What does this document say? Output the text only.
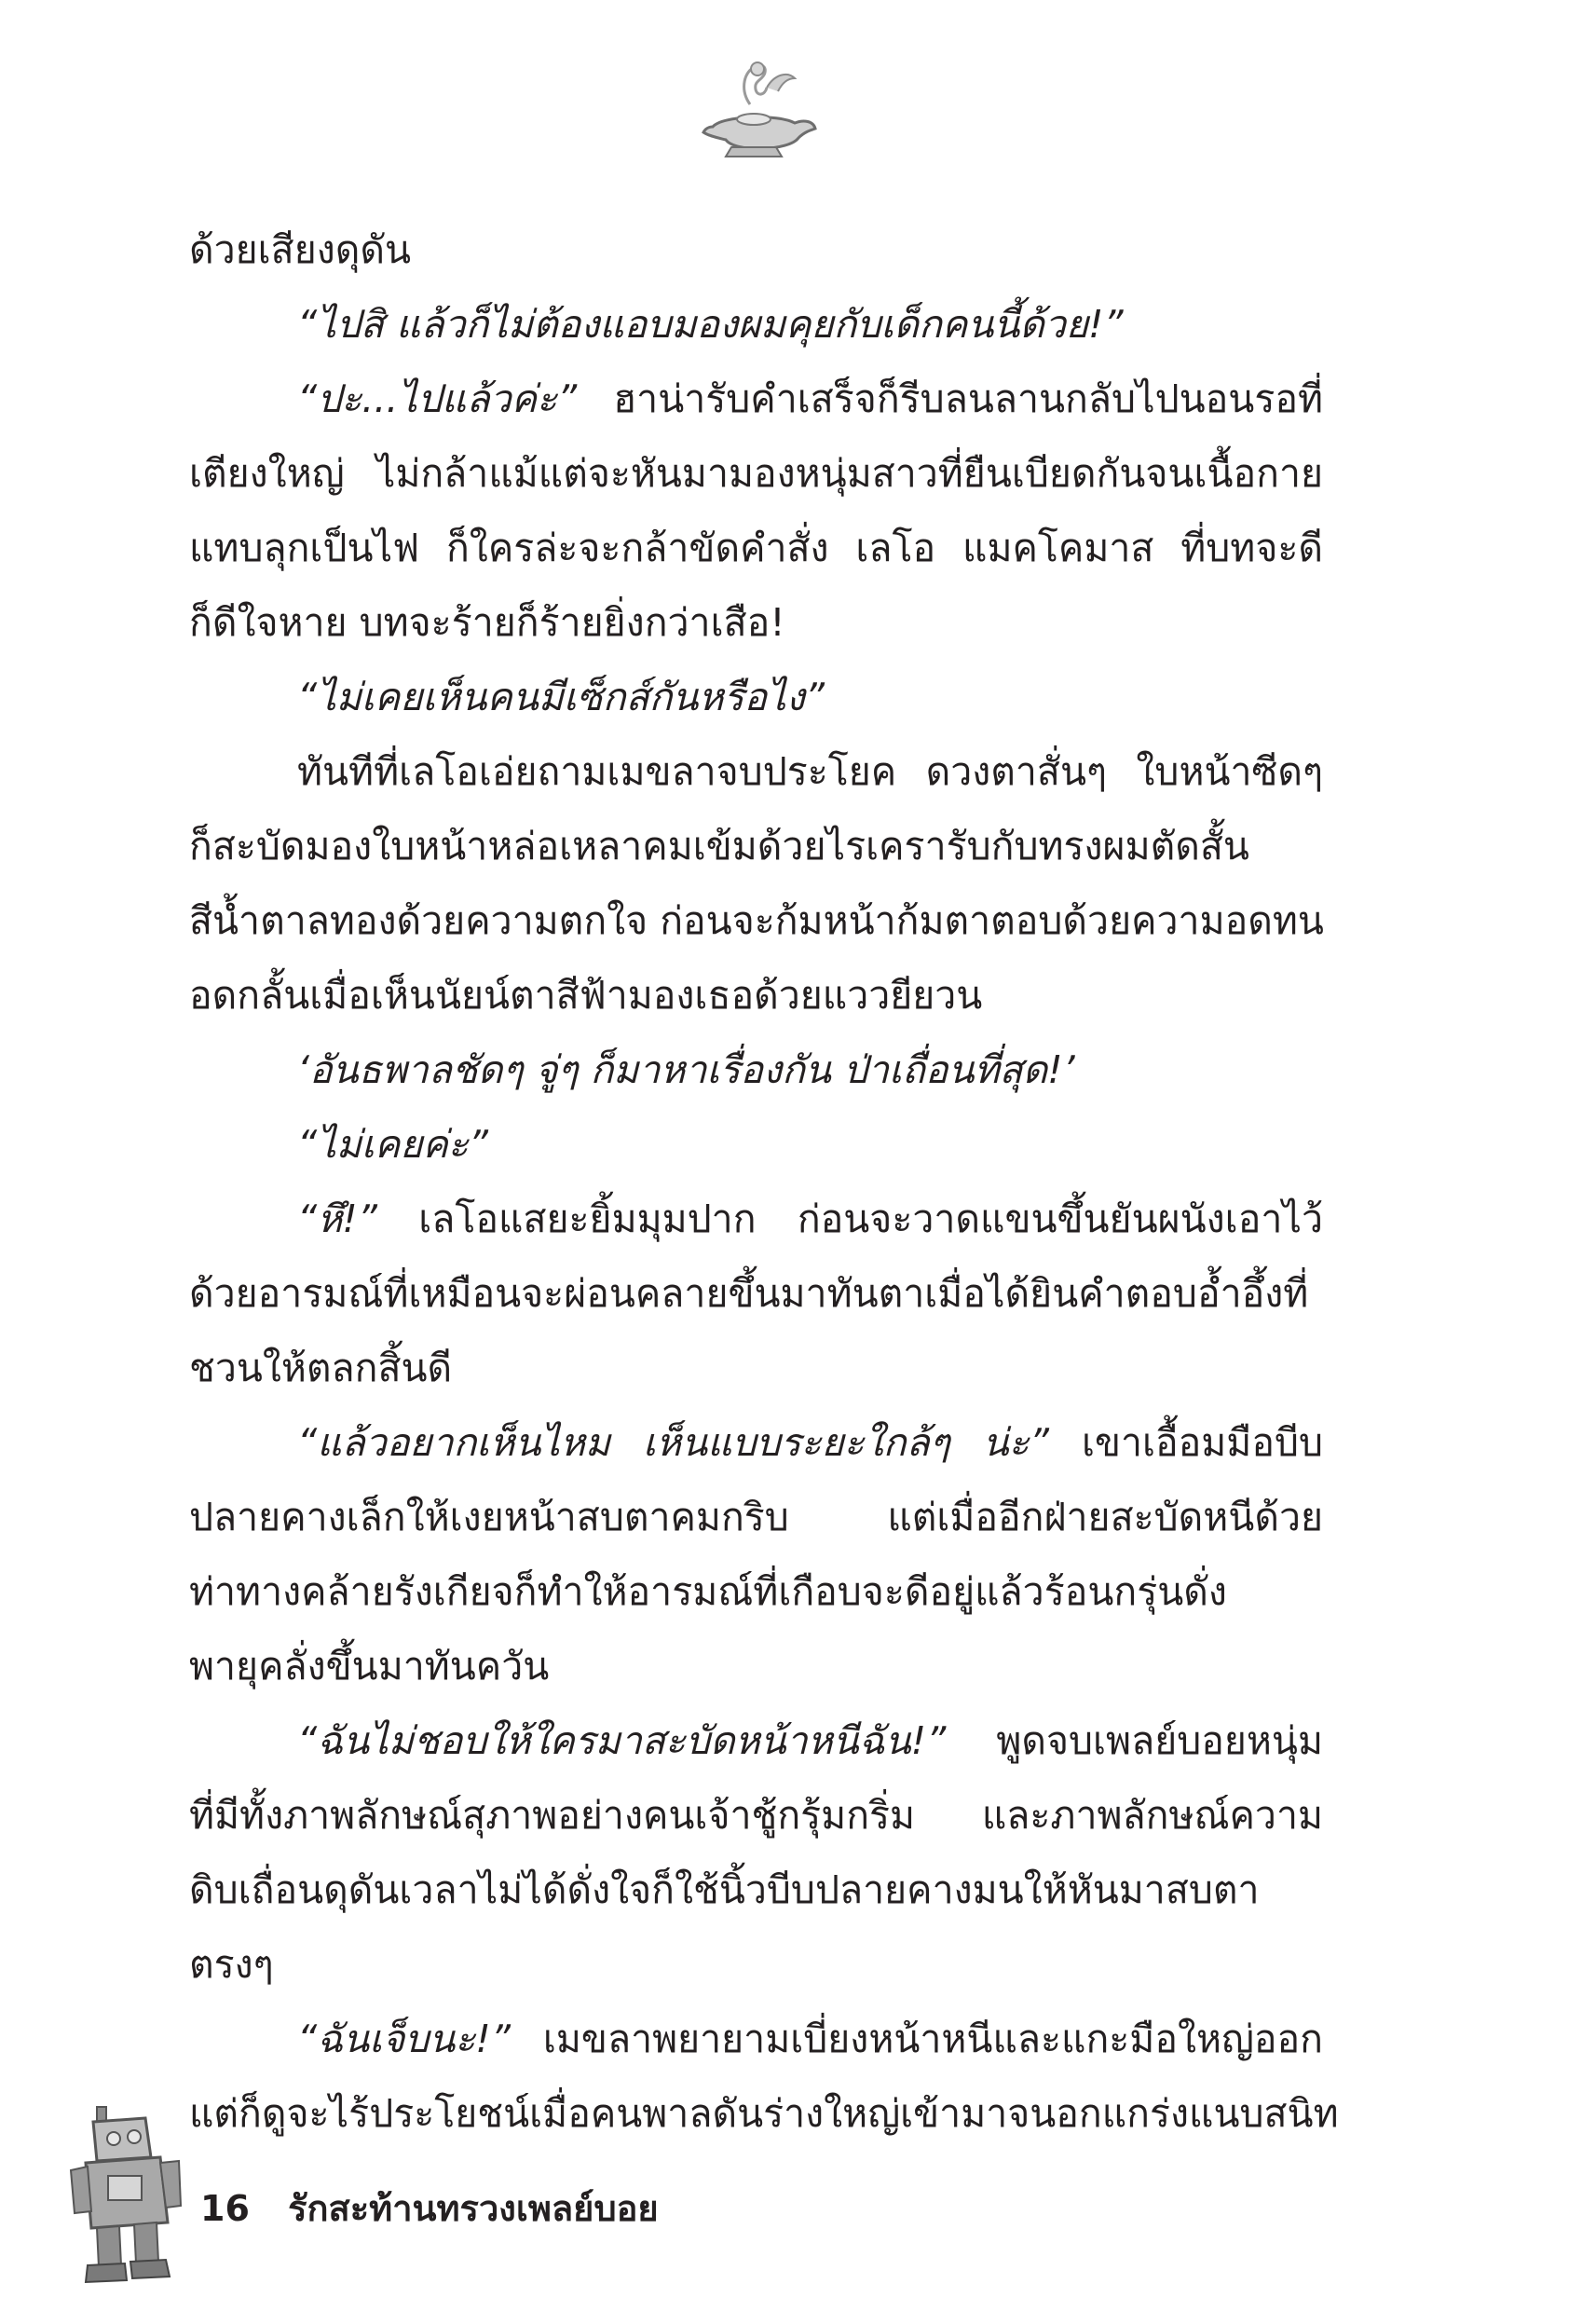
ด้วยเสียงดุดัน
“ไปสิ แล้วก็ไม่ต้องแอบมองผมคุยกับเด็กคนนี้ด้วย!”
“ปะ...ไปแล้วค่ะ” ฮาน่ารับคำเสร็จก็รีบลนลานกลับไปนอนรอที่
เตียงใหญ่ ไม่กล้าแม้แต่จะหันมามองหนุ่มสาวที่ยืนเบียดกันจนเนื้อกาย
แทบลุกเป็นไฟ ก็ใครล่ะจะกล้าขัดคำสั่ง เลโอ แมคโคมาส ที่บทจะดี
ก็ดีใจหาย บทจะร้ายก็ร้ายยิ่งกว่าเสือ!
“ไม่เคยเห็นคนมีเซ็กส์กันหรือไง”
ทันทีที่เลโอเอ่ยถามเมขลาจบประโยค ดวงตาสั่นๆ ใบหน้าซีดๆ
ก็สะบัดมองใบหน้าหล่อเหลาคมเข้มด้วยไรเครารับกับทรงผมตัดสั้น
สีน้ำตาลทองด้วยความตกใจ ก่อนจะก้มหน้าก้มตาตอบด้วยความอดทน
อดกลั้นเมื่อเห็นนัยน์ตาสีฟ้ามองเธอด้วยแววยียวน
‘อันธพาลชัดๆ จู่ๆ ก็มาหาเรื่องกัน ป่าเถื่อนที่สุด!’
“ไม่เคยค่ะ”
“หึ!” เลโอแสยะยิ้มมุมปาก ก่อนจะวาดแขนขึ้นยันผนังเอาไว้
ด้วยอารมณ์ที่เหมือนจะผ่อนคลายขึ้นมาทันตาเมื่อได้ยินคำตอบอ้ำอึ้งที่
ชวนให้ตลกสิ้นดี
“แล้วอยากเห็นไหม เห็นแบบระยะใกล้ๆ น่ะ” เขาเอื้อมมือบีบ
ปลายคางเล็กให้เงยหน้าสบตาคมกริบ แต่เมื่ออีกฝ่ายสะบัดหนีด้วย
ท่าทางคล้ายรังเกียจก็ทำให้อารมณ์ที่เกือบจะดีอยู่แล้วร้อนกรุ่นดั่ง
พายุคลั่งขึ้นมาทันควัน
“ฉันไม่ชอบให้ใครมาสะบัดหน้าหนีฉัน!” พูดจบเพลย์บอยหนุ่ม
ที่มีทั้งภาพลักษณ์สุภาพอย่างคนเจ้าชู้กรุ้มกริ่ม และภาพลักษณ์ความ
ดิบเถื่อนดุดันเวลาไม่ได้ดั่งใจก็ใช้นิ้วบีบปลายคางมนให้หันมาสบตา
ตรงๆ
“ฉันเจ็บนะ!” เมขลาพยายามเบี่ยงหน้าหนีและแกะมือใหญ่ออก
แต่ก็ดูจะไร้ประโยชน์เมื่อคนพาลดันร่างใหญ่เข้ามาจนอกแกร่งแนบสนิท
16 รักสะท้านทรวงเพลย์บอย
